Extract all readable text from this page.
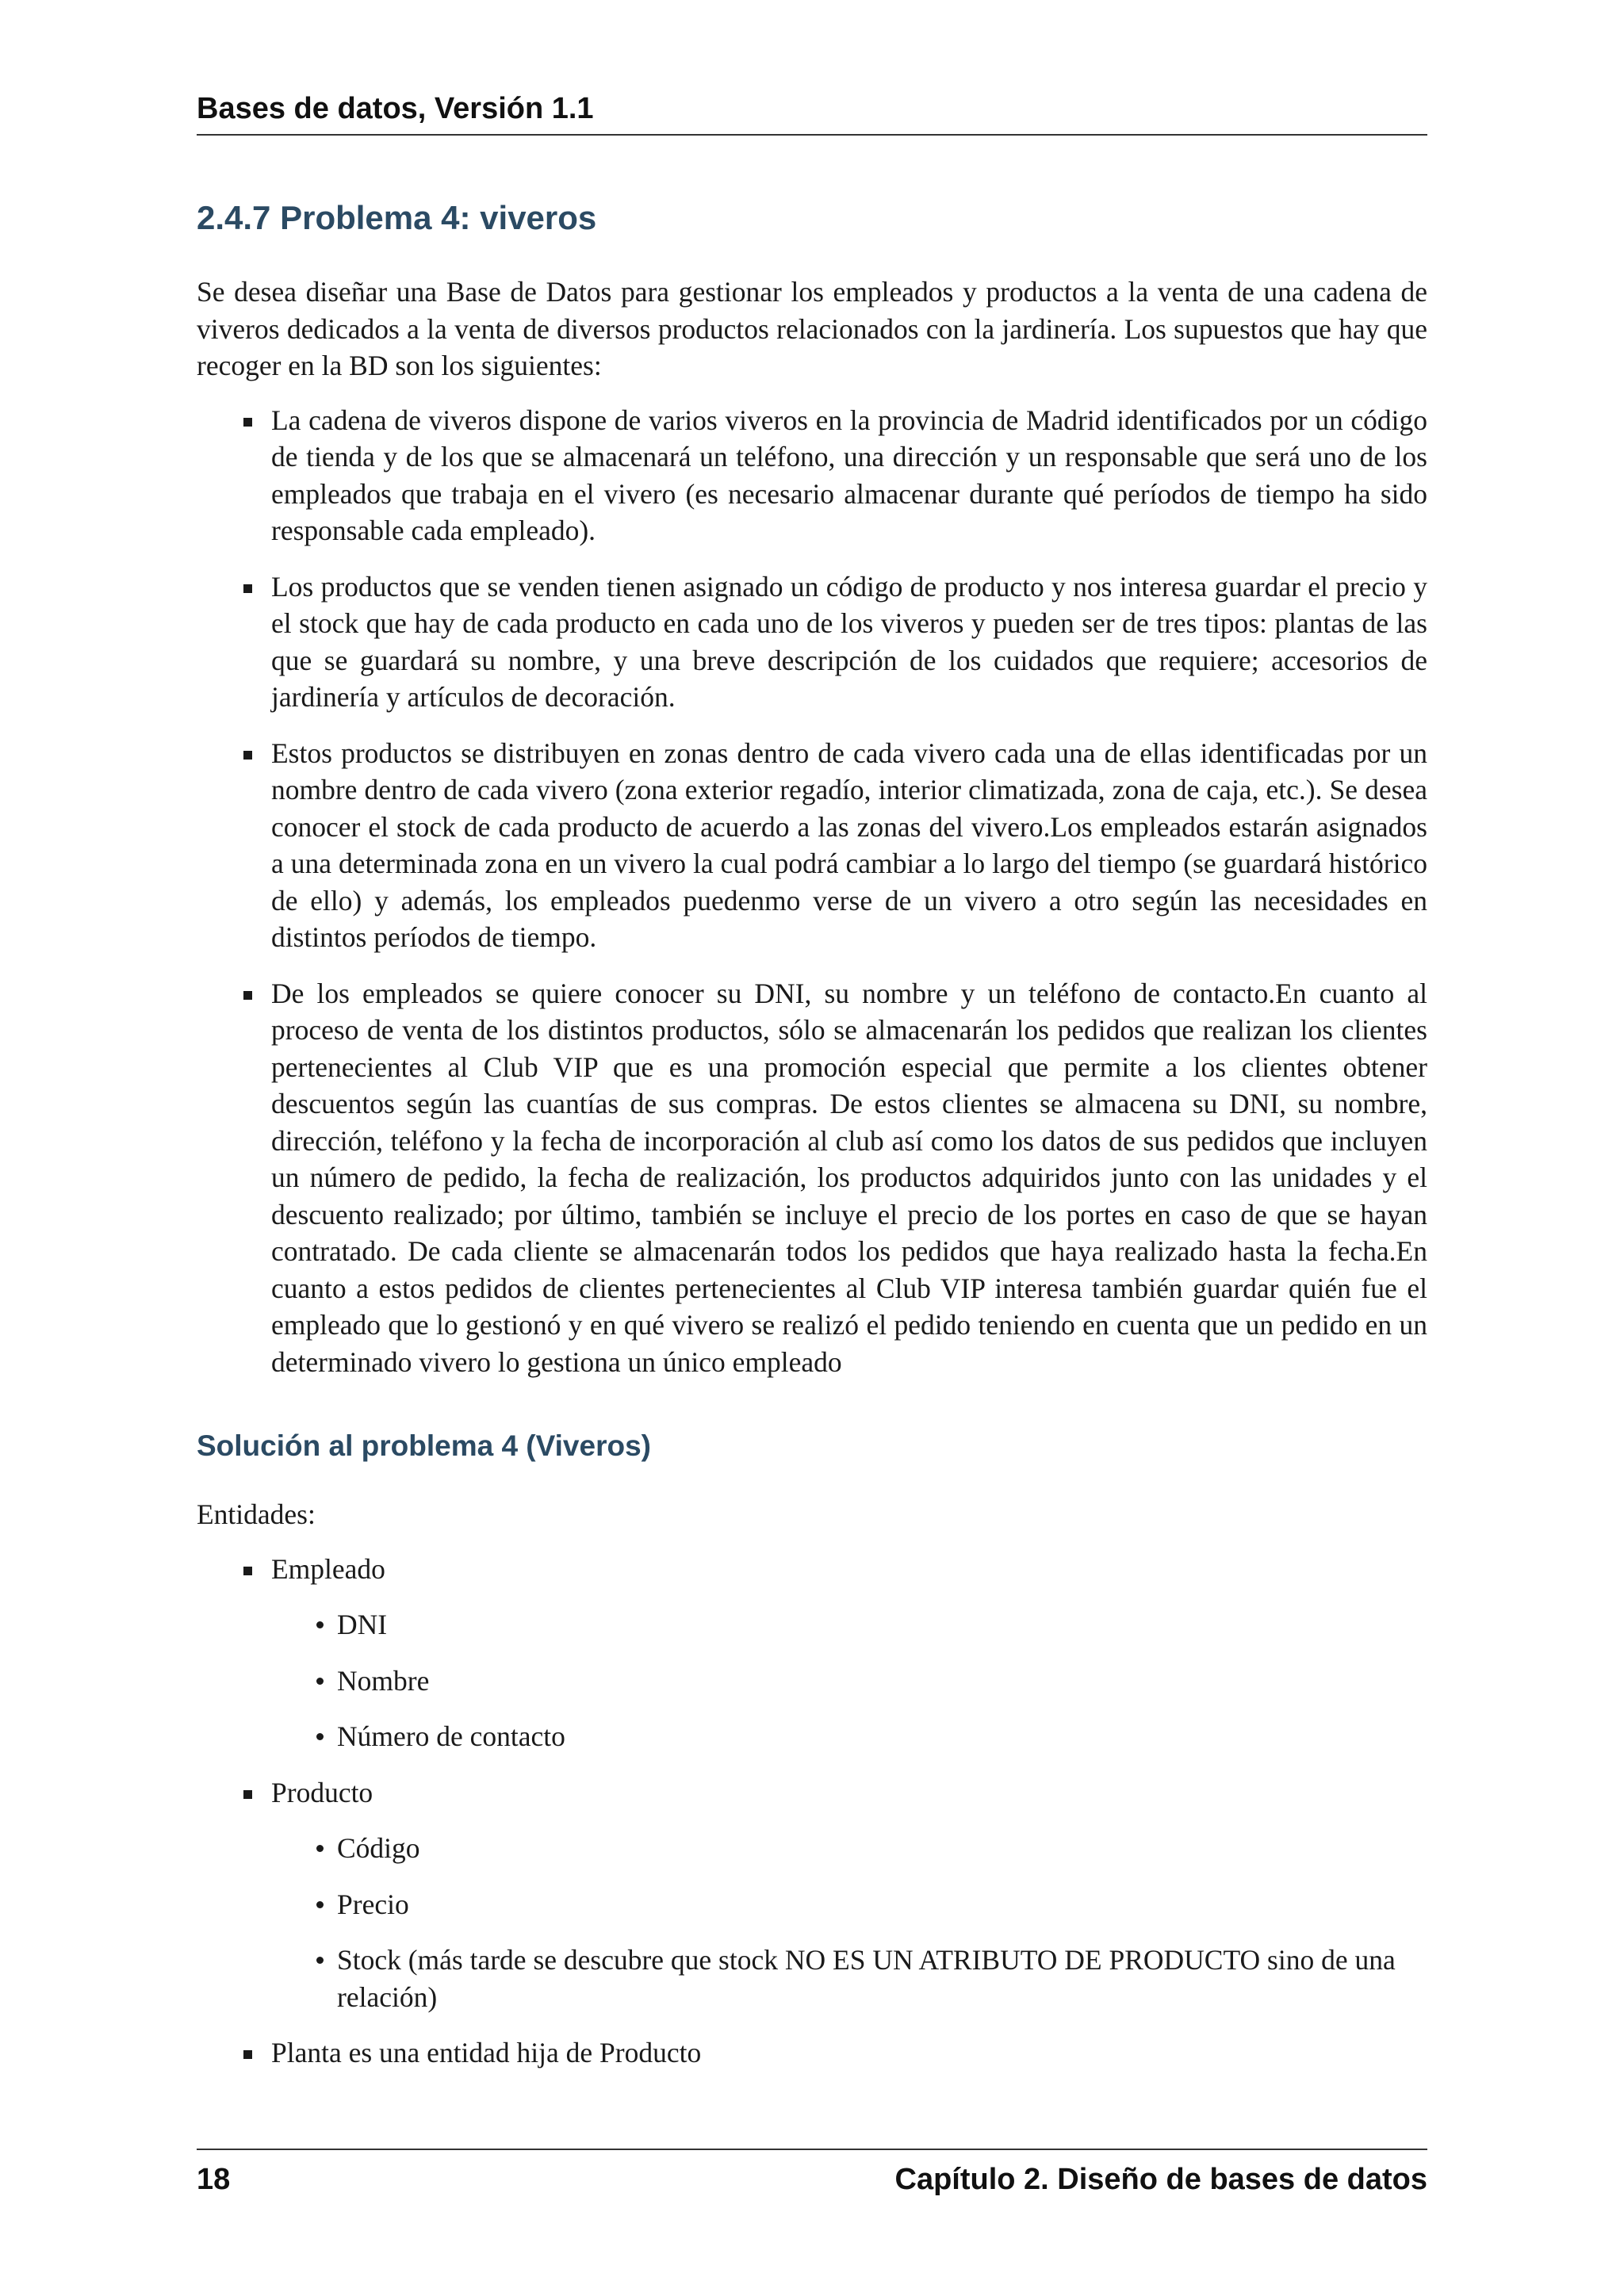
Bases de datos, Versión 1.1
2.4.7 Problema 4: viveros

Se desea diseñar una Base de Datos para gestionar los empleados y productos a la venta de una cadena de viveros dedicados a la venta de diversos productos relacionados con la jardinería. Los supuestos que hay que recoger en la BD son los siguientes:

La cadena de viveros dispone de varios viveros en la provincia de Madrid identificados por un código de tienda y de los que se almacenará un teléfono, una dirección y un responsable que será uno de los empleados que trabaja en el vivero (es necesario almacenar durante qué períodos de tiempo ha sido responsable cada empleado).
Los productos que se venden tienen asignado un código de producto y nos interesa guardar el precio y el stock que hay de cada producto en cada uno de los viveros y pueden ser de tres tipos: plantas de las que se guardará su nombre, y una breve descripción de los cuidados que requiere; accesorios de jardinería y artículos de decoración.
Estos productos se distribuyen en zonas dentro de cada vivero cada una de ellas identificadas por un nombre dentro de cada vivero (zona exterior regadío, interior climatizada, zona de caja, etc.). Se desea conocer el stock de cada producto de acuerdo a las zonas del vivero.Los empleados estarán asignados a una determinada zona en un vivero la cual podrá cambiar a lo largo del tiempo (se guardará histórico de ello) y además, los empleados puedenmo verse de un vivero a otro según las necesidades en distintos períodos de tiempo.
De los empleados se quiere conocer su DNI, su nombre y un teléfono de contacto.En cuanto al proceso de venta de los distintos productos, sólo se almacenarán los pedidos que realizan los clientes pertenecientes al Club VIP que es una promoción especial que permite a los clientes obtener descuentos según las cuantías de sus compras. De estos clientes se almacena su DNI, su nombre, dirección, teléfono y la fecha de incorporación al club así como los datos de sus pedidos que incluyen un número de pedido, la fecha de realización, los productos adquiridos junto con las unidades y el descuento realizado; por último, también se incluye el precio de los portes en caso de que se hayan contratado. De cada cliente se almacenarán todos los pedidos que haya realizado hasta la fecha.En cuanto a estos pedidos de clientes pertenecientes al Club VIP interesa también guardar quién fue el empleado que lo gestionó y en qué vivero se realizó el pedido teniendo en cuenta que un pedido en un determinado vivero lo gestiona un único empleado
Solución al problema 4 (Viveros)

Entidades:

Empleado
DNI
Nombre
Número de contacto
Producto
Código
Precio
Stock (más tarde se descubre que stock NO ES UN ATRIBUTO DE PRODUCTO sino de una relación)
Planta es una entidad hija de Producto
18	Capítulo 2. Diseño de bases de datos
